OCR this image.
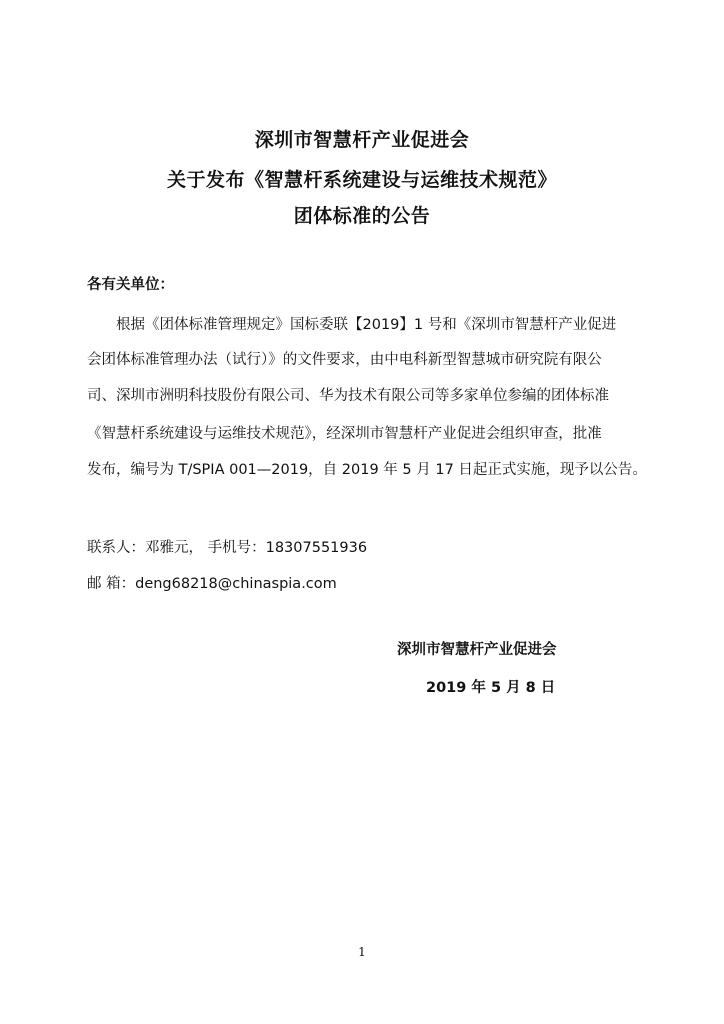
深圳市智慧杆产业促进会
关于发布《智慧杆系统建设与运维技术规范》
团体标准的公告
各有关单位：
根据《团体标准管理规定》国标委联【2019】1 号和《深圳市智慧杆产业促进
会团体标准管理办法（试行）》的文件要求，由中电科新型智慧城市研究院有限公
司、深圳市洲明科技股份有限公司、华为技术有限公司等多家单位参编的团体标准
《智慧杆系统建设与运维技术规范》，经深圳市智慧杆产业促进会组织审查，批准
发布，编号为 T/SPIA 001—2019，自 2019 年 5 月 17 日起正式实施，现予以公告。
联系人：邓雅元， 手机号：18307551936
邮 箱：deng68218@chinaspia.com
深圳市智慧杆产业促进会
2019 年 5 月 8 日
1
